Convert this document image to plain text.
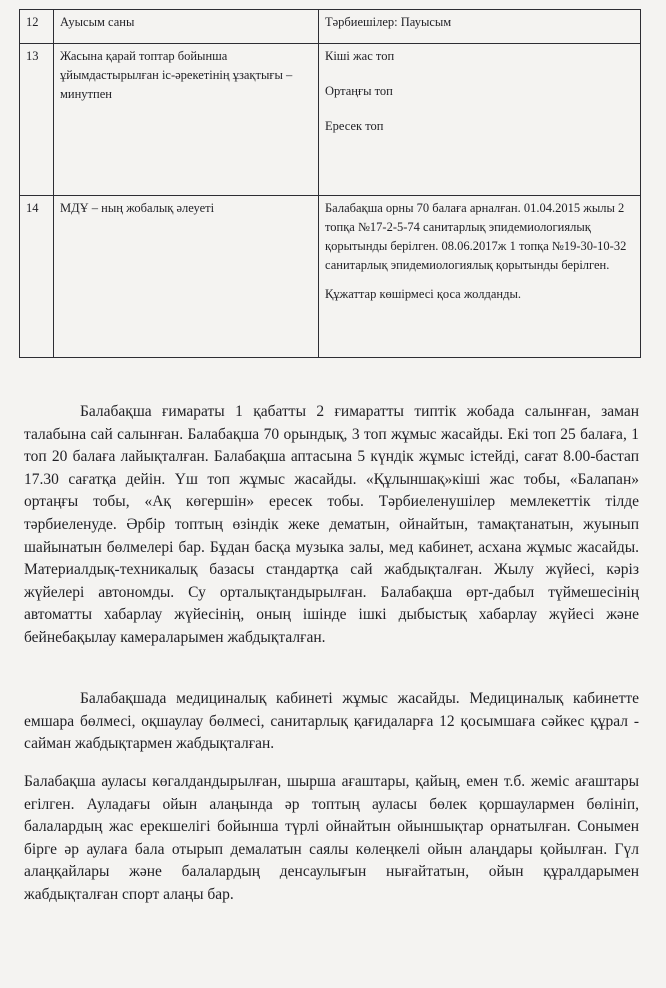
12	Ауысым саны	Тәрбиешілер: Пауысым
13	Жасына қарай топтар бойынша ұйымдастырылған іс-әрекетінің ұзақтығы – минутпен	Кіші жас топ
Ортаңғы топ
Ересек топ

14	МДҰ – ның жобалық әлеуеті	Балабақша орны 70 балаға арналған. 01.04.2015 жылы 2 топқа №17-2-5-74 санитарлық эпидемиологиялық қорытынды берілген. 08.06.2017ж 1 топқа №19-30-10-32 санитарлық эпидемиологиялық қорытынды берілген.
Құжаттар көшірмесі қоса жолданды.
Балабақша ғимараты 1 қабатты 2 ғимаратты типтік жобада салынған, заман талабына сай салынған. Балабақша 70 орындық, 3 топ жұмыс жасайды. Екі топ 25 балаға, 1 топ 20 балаға лайықталған. Балабақша аптасына 5 күндік жұмыс істейді, сағат 8.00-бастап 17.30 сағатқа дейін. Үш топ жұмыс жасайды. «Құлыншақ»кіші жас тобы, «Балапан» ортаңғы тобы, «Ақ көгершін» ересек тобы. Тәрбиеленушілер мемлекеттік тілде тәрбиеленуде. Әрбір топтың өзіндік жеке дематын, ойнайтын, тамақтанатын, жуынып шайынатын бөлмелері бар. Бұдан басқа музыка залы, мед кабинет, асхана жұмыс жасайды. Материалдық-техникалық базасы стандартқа сай жабдықталған. Жылу жүйесі, кәріз жүйелері автономды. Су орталықтандырылған. Балабақша өрт-дабыл түймешесінің автоматты хабарлау жүйесінің, оның ішінде ішкі дыбыстық хабарлау жүйесі және бейнебақылау камераларымен жабдықталған.
Балабақшада медициналық кабинеті жұмыс жасайды. Медициналық кабинетте емшара бөлмесі, оқшаулау бөлмесі, санитарлық қағидаларға 12 қосымшаға сәйкес құрал - сайман жабдықтармен жабдықталған.
Балабақша ауласы көгалдандырылған, шырша ағаштары, қайың, емен т.б. жеміс ағаштары егілген. Ауладағы ойын алаңында әр топтың ауласы бөлек қоршаулармен бөлініп, балалардың жас ерекшелігі бойынша түрлі ойнайтын ойыншықтар орнатылған. Сонымен бірге әр аулаға бала отырып демалатын саялы көлеңкелі ойын алаңдары қойылған. Гүл алаңқайлары және балалардың денсаулығын нығайтатын, ойын құралдарымен жабдықталған спорт алаңы бар.
